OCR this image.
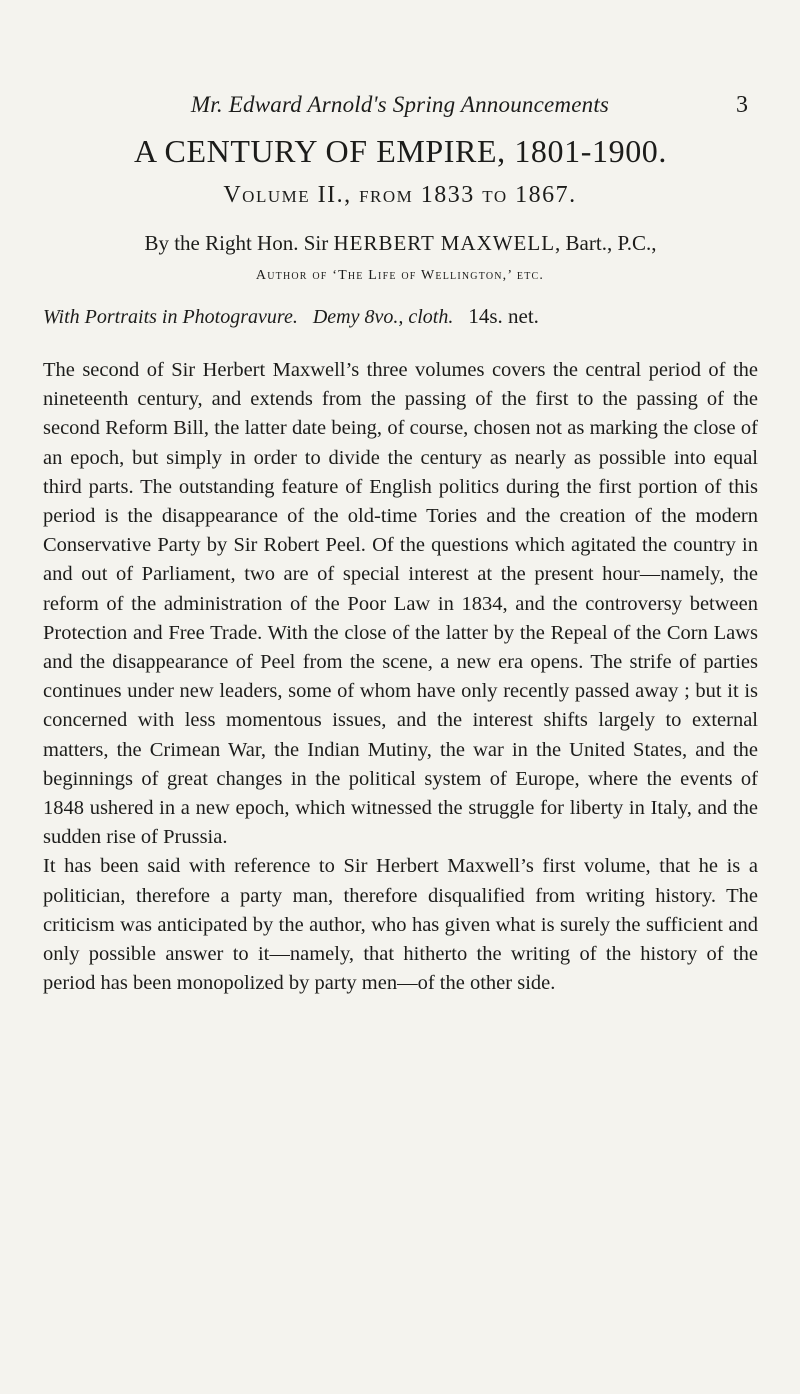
Mr. Edward Arnold's Spring Announcements	3
A CENTURY OF EMPIRE, 1801-1900.
Volume II., from 1833 to 1867.
By the Right Hon. Sir HERBERT MAXWELL, Bart., P.C.,
Author of ‘The Life of Wellington,’ etc.
With Portraits in Photogravure. Demy 8vo., cloth. 14s. net.

The second of Sir Herbert Maxwell’s three volumes covers the central period of the nineteenth century, and extends from the passing of the first to the passing of the second Reform Bill, the latter date being, of course, chosen not as marking the close of an epoch, but simply in order to divide the century as nearly as possible into equal third parts. The outstanding feature of English politics during the first portion of this period is the disappearance of the old-time Tories and the creation of the modern Conservative Party by Sir Robert Peel. Of the questions which agitated the country in and out of Parliament, two are of special interest at the present hour—namely, the reform of the administration of the Poor Law in 1834, and the controversy between Protection and Free Trade. With the close of the latter by the Repeal of the Corn Laws and the disappearance of Peel from the scene, a new era opens. The strife of parties continues under new leaders, some of whom have only recently passed away ; but it is concerned with less momentous issues, and the interest shifts largely to external matters, the Crimean War, the Indian Mutiny, the war in the United States, and the beginnings of great changes in the political system of Europe, where the events of 1848 ushered in a new epoch, which witnessed the struggle for liberty in Italy, and the sudden rise of Prussia.

It has been said with reference to Sir Herbert Maxwell’s first volume, that he is a politician, therefore a party man, therefore disqualified from writing history. The criticism was anticipated by the author, who has given what is surely the sufficient and only possible answer to it—namely, that hitherto the writing of the history of the period has been monopolized by party men—of the other side.
